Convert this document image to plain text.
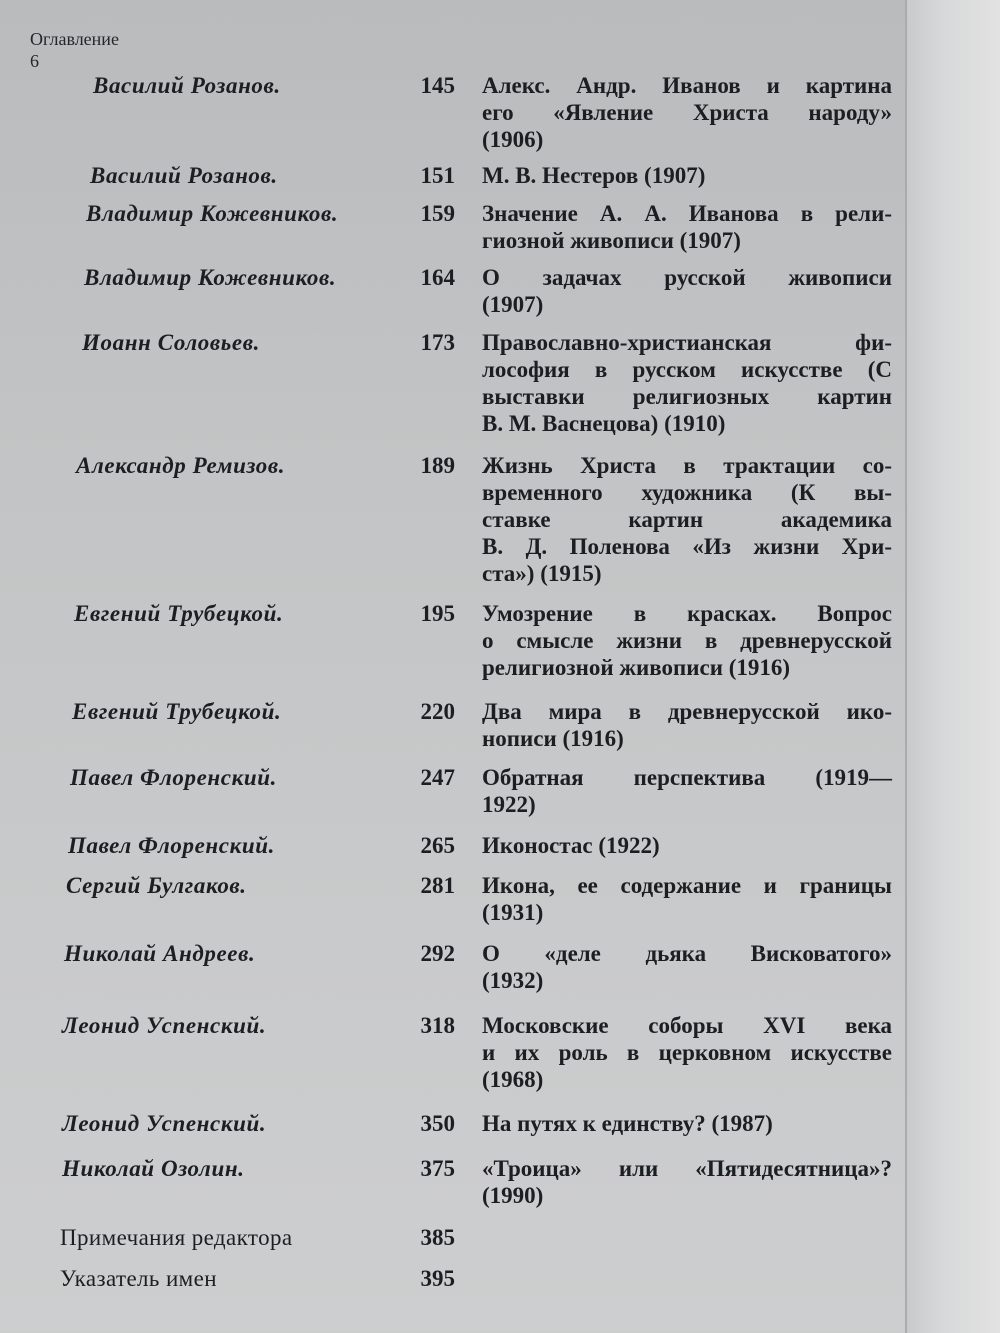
Оглавление
6
Василий Розанов.	145 Алекс. Андр. Иванов и картина
его «Явление Христа народу»
(1906)
Василий Розанов.	151 М. В. Нестеров (1907)
Владимир Кожевников.	159 Значение А. А. Иванова в рели-
гиозной живописи (1907)
Владимир Кожевников.	164 О задачах русской живописи
(1907)
Иоанн Соловьев.	173 Православно-христианская фи-
лософия в русском искусстве (С
выставки религиозных картин
В. М. Васнецова) (1910)
Александр Ремизов.	189 Жизнь Христа в трактации со-
временного художника (К вы-
ставке картин академика
В. Д. Поленова «Из жизни Хри-
ста») (1915)
Евгений Трубецкой.	195 Умозрение в красках. Вопрос
о смысле жизни в древнерусской
религиозной живописи (1916)
Евгений Трубецкой.	220 Два мира в древнерусской ико-
нописи (1916)
Павел Флоренский.	247 Обратная перспектива (1919—
1922)
Павел Флоренский.	265 Иконостас (1922)
Сергий Булгаков.	281 Икона, ее содержание и границы
(1931)
Николай Андреев.	292 О «деле дьяка Висковатого»
(1932)
Леонид Успенский.	318 Московские соборы XVI века
и их роль в церковном искусстве
(1968)
Леонид Успенский.	350 На путях к единству? (1987)
Николай Озолин.	375 «Троица» или «Пятидесятница»?
(1990)
Примечания редактора	385
Указатель имен	395
